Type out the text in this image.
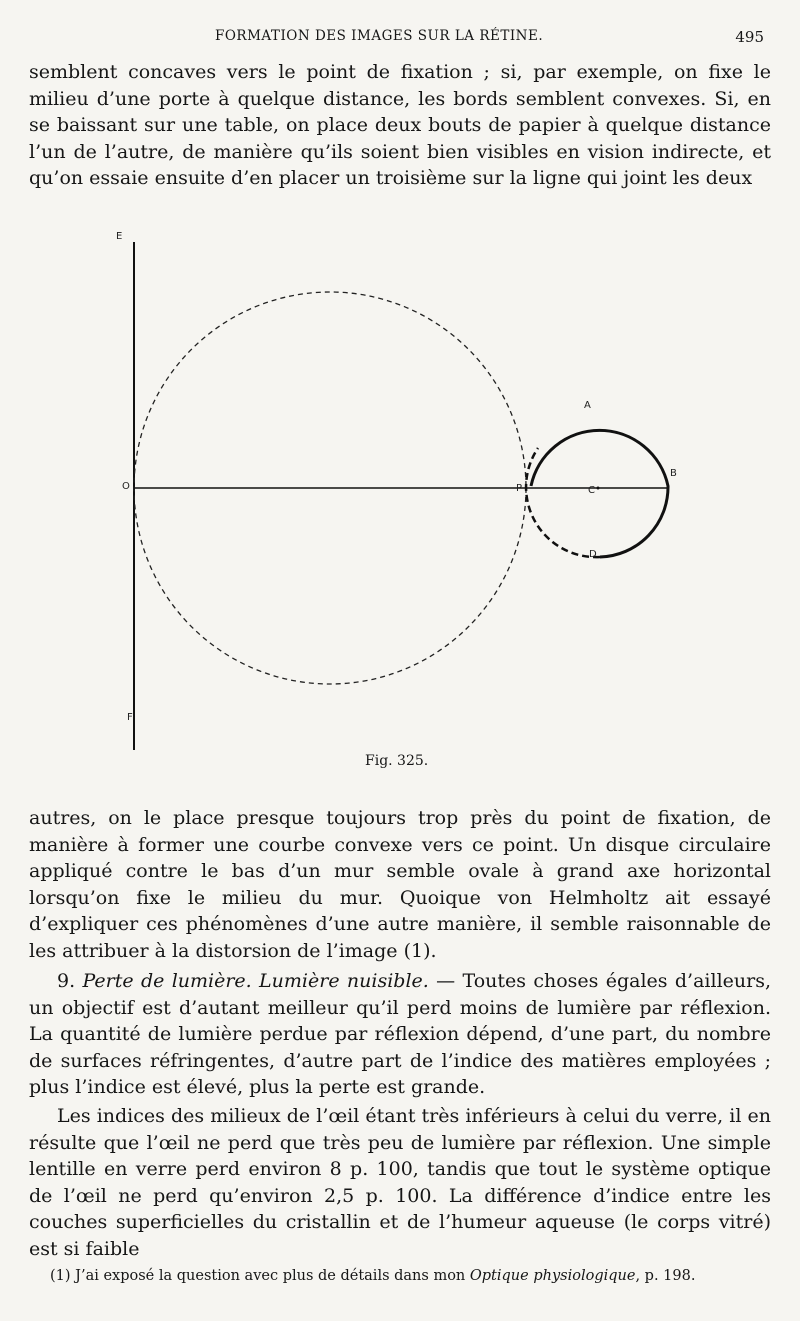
FORMATION DES IMAGES SUR LA RÉTINE.	495

semblent concaves vers le point de fixation ; si, par exemple, on fixe le milieu d’une porte à quelque distance, les bords semblent convexes. Si, en se baissant sur une table, on place deux bouts de papier à quelque distance l’un de l’autre, de manière qu’ils soient bien visibles en vision indirecte, et qu’on essaie ensuite d’en placer un troisième sur la ligne qui joint les deux

E
O
F
A
B
C
D
P
Fig. 325.

autres, on le place presque toujours trop près du point de fixation, de manière à former une courbe convexe vers ce point. Un disque circulaire appliqué contre le bas d’un mur semble ovale à grand axe horizontal lorsqu’on fixe le milieu du mur. Quoique von Helmholtz ait essayé d’expliquer ces phénomènes d’une autre manière, il semble raisonnable de les attribuer à la distorsion de l’image (1).

9. Perte de lumière. Lumière nuisible. — Toutes choses égales d’ailleurs, un objectif est d’autant meilleur qu’il perd moins de lumière par réflexion. La quantité de lumière perdue par réflexion dépend, d’une part, du nombre de surfaces réfringentes, d’autre part de l’indice des matières employées ; plus l’indice est élevé, plus la perte est grande.

Les indices des milieux de l’œil étant très inférieurs à celui du verre, il en résulte que l’œil ne perd que très peu de lumière par réflexion. Une simple lentille en verre perd environ 8 p. 100, tandis que tout le système optique de l’œil ne perd qu’environ 2,5 p. 100. La différence d’indice entre les couches superficielles du cristallin et de l’humeur aqueuse (le corps vitré) est si faible

(1) J’ai exposé la question avec plus de détails dans mon Optique physiologique, p. 198.
